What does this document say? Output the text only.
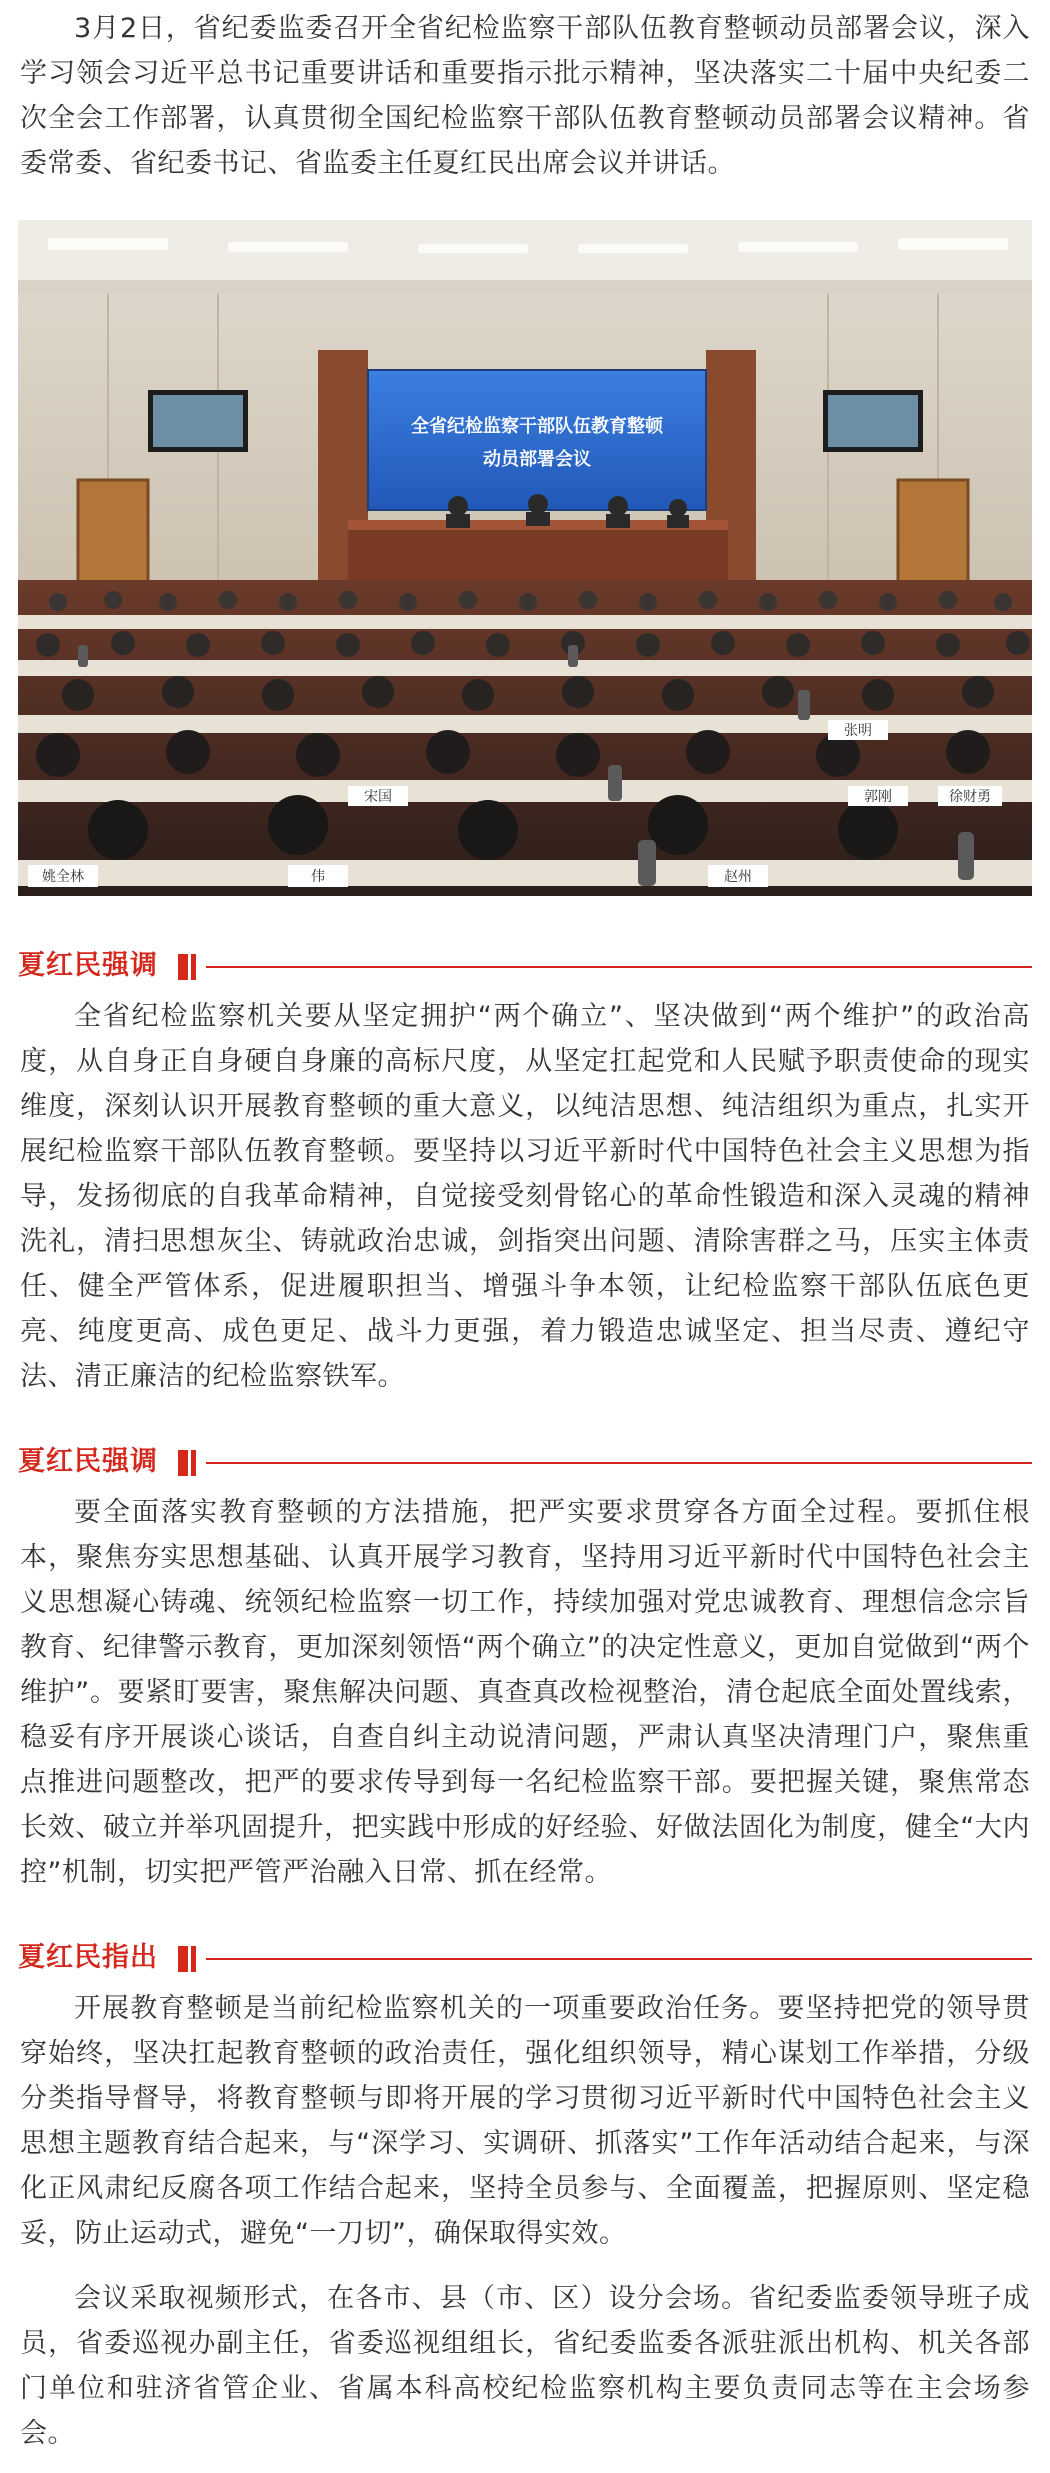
3月2日，省纪委监委召开全省纪检监察干部队伍教育整顿动员部署会议，深入学习领会习近平总书记重要讲话和重要指示批示精神，坚决落实二十届中央纪委二次全会工作部署，认真贯彻全国纪检监察干部队伍教育整顿动员部署会议精神。省委常委、省纪委书记、省监委主任夏红民出席会议并讲话。

全省纪检监察干部队伍教育整顿
动员部署会议
姚全林	伟	赵州
张明
徐财勇
宋国	郭刚
夏红民强调

全省纪检监察机关要从坚定拥护“两个确立”、坚决做到“两个维护”的政治高度，从自身正自身硬自身廉的高标尺度，从坚定扛起党和人民赋予职责使命的现实维度，深刻认识开展教育整顿的重大意义，以纯洁思想、纯洁组织为重点，扎实开展纪检监察干部队伍教育整顿。要坚持以习近平新时代中国特色社会主义思想为指导，发扬彻底的自我革命精神，自觉接受刻骨铭心的革命性锻造和深入灵魂的精神洗礼，清扫思想灰尘、铸就政治忠诚，剑指突出问题、清除害群之马，压实主体责任、健全严管体系，促进履职担当、增强斗争本领，让纪检监察干部队伍底色更亮、纯度更高、成色更足、战斗力更强，着力锻造忠诚坚定、担当尽责、遵纪守法、清正廉洁的纪检监察铁军。

夏红民强调

要全面落实教育整顿的方法措施，把严实要求贯穿各方面全过程。要抓住根本，聚焦夯实思想基础、认真开展学习教育，坚持用习近平新时代中国特色社会主义思想凝心铸魂、统领纪检监察一切工作，持续加强对党忠诚教育、理想信念宗旨教育、纪律警示教育，更加深刻领悟“两个确立”的决定性意义，更加自觉做到“两个维护”。要紧盯要害，聚焦解决问题、真查真改检视整治，清仓起底全面处置线索，稳妥有序开展谈心谈话，自查自纠主动说清问题，严肃认真坚决清理门户，聚焦重点推进问题整改，把严的要求传导到每一名纪检监察干部。要把握关键，聚焦常态长效、破立并举巩固提升，把实践中形成的好经验、好做法固化为制度，健全“大内控”机制，切实把严管严治融入日常、抓在经常。

夏红民指出

开展教育整顿是当前纪检监察机关的一项重要政治任务。要坚持把党的领导贯穿始终，坚决扛起教育整顿的政治责任，强化组织领导，精心谋划工作举措，分级分类指导督导，将教育整顿与即将开展的学习贯彻习近平新时代中国特色社会主义思想主题教育结合起来，与“深学习、实调研、抓落实”工作年活动结合起来，与深化正风肃纪反腐各项工作结合起来，坚持全员参与、全面覆盖，把握原则、坚定稳妥，防止运动式，避免“一刀切”，确保取得实效。

会议采取视频形式，在各市、县（市、区）设分会场。省纪委监委领导班子成员，省委巡视办副主任，省委巡视组组长，省纪委监委各派驻派出机构、机关各部门单位和驻济省管企业、省属本科高校纪检监察机构主要负责同志等在主会场参会。
